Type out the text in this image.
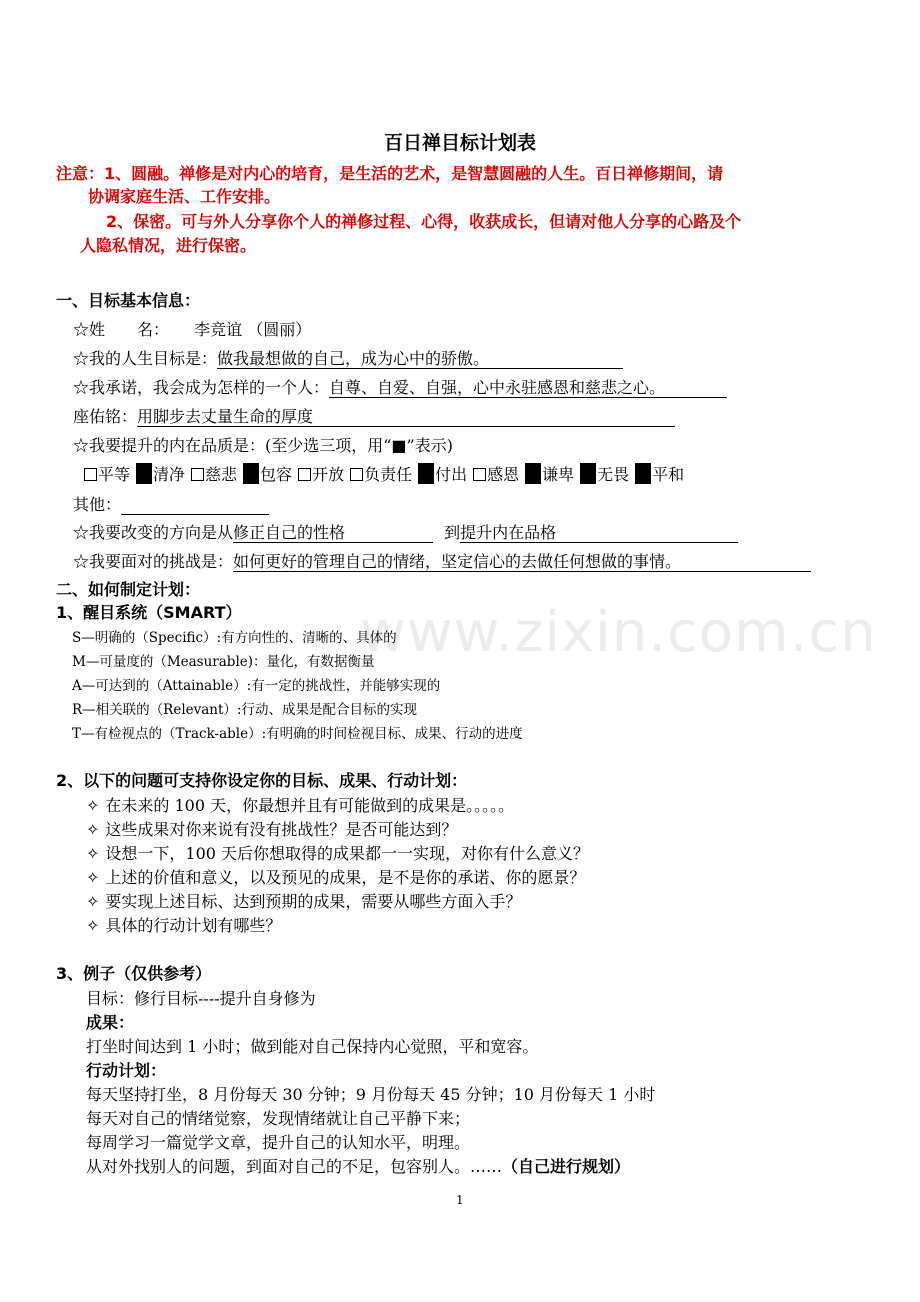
www.zixin.com.cn
百日禅目标计划表
注意：1、圆融。禅修是对内心的培育，是生活的艺术，是智慧圆融的人生。百日禅修期间，请
协调家庭生活、工作安排。
2、保密。可与外人分享你个人的禅修过程、心得，收获成长，但请对他人分享的心路及个
人隐私情况，进行保密。
一、目标基本信息：
☆姓　　名： 李竞谊 （圆丽）
☆我的人生目标是：做我最想做的自己，成为心中的骄傲。
☆我承诺，我会成为怎样的一个人：自尊、自爱、自强，心中永驻感恩和慈悲之心。
座佑铭：用脚步去丈量生命的厚度
☆我要提升的内在品质是：(至少选三项，用“■”表示)
平等 清净 慈悲 包容 开放 负责任 付出 感恩 谦卑 无畏 平和
其他：
☆我要改变的方向是从修正自己的性格	到提升内在品格
☆我要面对的挑战是：如何更好的管理自己的情绪，坚定信心的去做任何想做的事情。
二、如何制定计划：
1、醒目系统（SMART）
S—明确的（Specific）:有方向性的、清晰的、具体的
M—可量度的（Measurable)：量化，有数据衡量
A—可达到的（Attainable）:有一定的挑战性，并能够实现的
R—相关联的（Relevant）:行动、成果是配合目标的实现
T—有检视点的（Track-able）:有明确的时间检视目标、成果、行动的进度
2、以下的问题可支持你设定你的目标、成果、行动计划：
✧ 在未来的 100 天，你最想并且有可能做到的成果是。。。。。
✧ 这些成果对你来说有没有挑战性？是否可能达到？
✧ 设想一下，100 天后你想取得的成果都一一实现，对你有什么意义？
✧ 上述的价值和意义，以及预见的成果，是不是你的承诺、你的愿景？
✧ 要实现上述目标、达到预期的成果，需要从哪些方面入手？
✧ 具体的行动计划有哪些？
3、例子（仅供参考）
目标：修行目标----提升自身修为
成果：
打坐时间达到 1 小时；做到能对自己保持内心觉照，平和宽容。
行动计划：
每天坚持打坐，8 月份每天 30 分钟；9 月份每天 45 分钟；10 月份每天 1 小时
每天对自己的情绪觉察，发现情绪就让自己平静下来；
每周学习一篇觉学文章，提升自己的认知水平，明理。
从对外找别人的问题，到面对自己的不足，包容别人。……（自己进行规划）
1
